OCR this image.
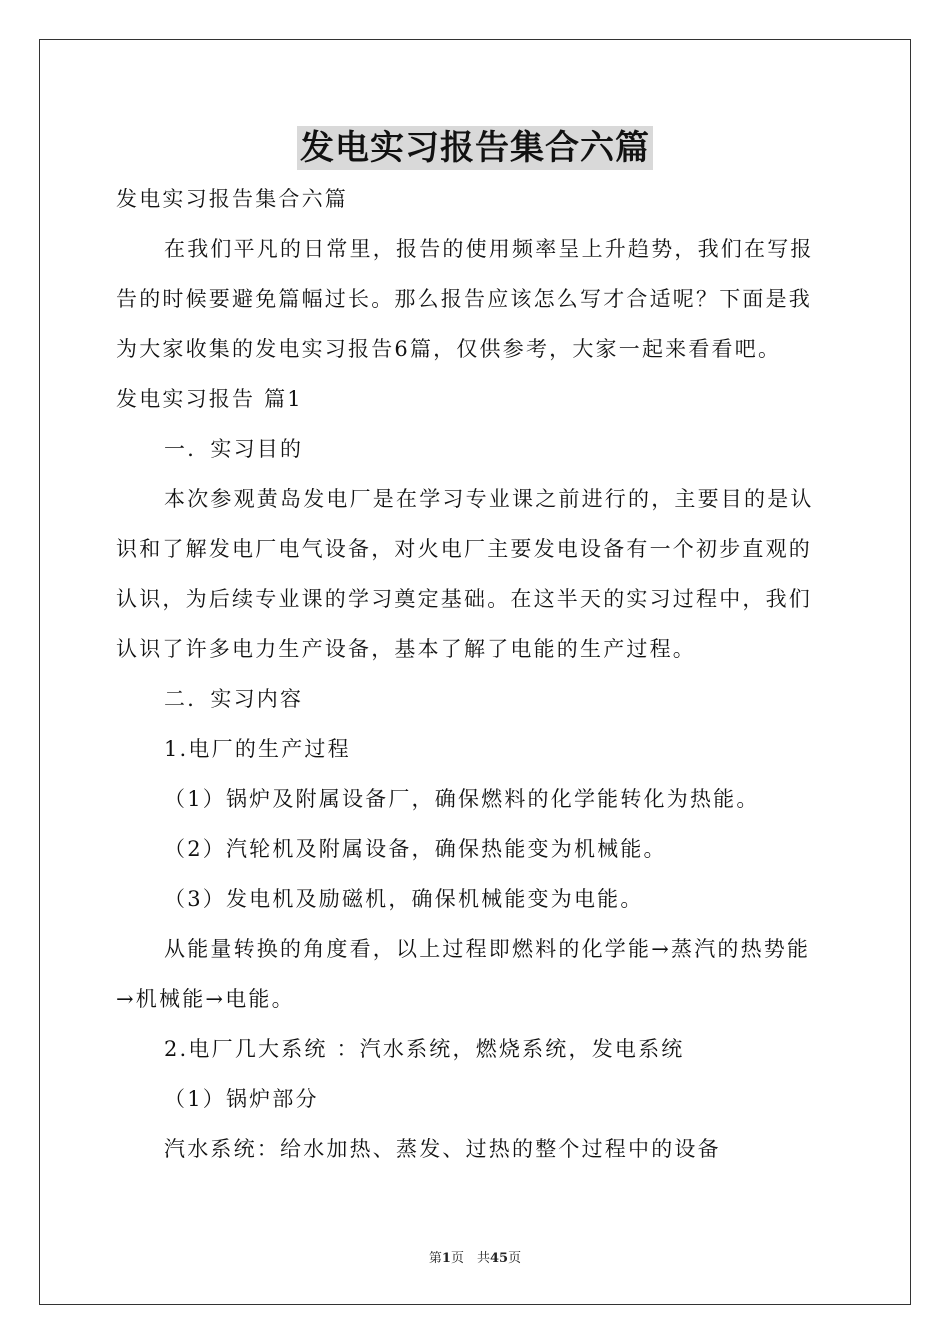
发电实习报告集合六篇
发电实习报告集合六篇
在我们平凡的日常里，报告的使用频率呈上升趋势，我们在写报
告的时候要避免篇幅过长。那么报告应该怎么写才合适呢？下面是我
为大家收集的发电实习报告6篇，仅供参考，大家一起来看看吧。
发电实习报告 篇1
一．实习目的
本次参观黄岛发电厂是在学习专业课之前进行的，主要目的是认
识和了解发电厂电气设备，对火电厂主要发电设备有一个初步直观的
认识，为后续专业课的学习奠定基础。在这半天的实习过程中，我们
认识了许多电力生产设备，基本了解了电能的生产过程。
二．实习内容
1.电厂的生产过程
（1）锅炉及附属设备厂，确保燃料的化学能转化为热能。
（2）汽轮机及附属设备，确保热能变为机械能。
（3）发电机及励磁机，确保机械能变为电能。
从能量转换的角度看，以上过程即燃料的化学能→蒸汽的热势能
→机械能→电能。
2.电厂几大系统 ：汽水系统，燃烧系统，发电系统
（1）锅炉部分
汽水系统：给水加热、蒸发、过热的整个过程中的设备
第1页　共45页
